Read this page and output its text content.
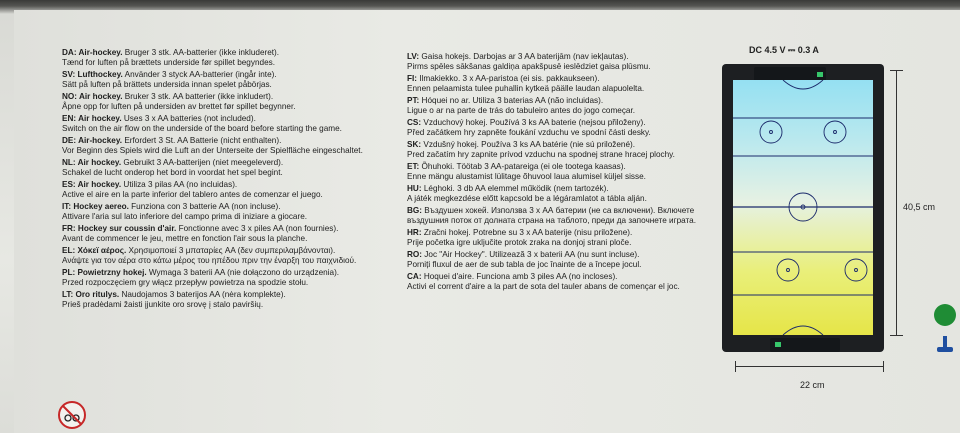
DA: Air-hockey. Bruger 3 stk. AA-batterier (ikke inkluderet).
Tænd for luften på brættets underside før spillet begyndes.
SV: Lufthockey. Använder 3 styck AA-batterier (ingår inte).
Sätt på luften på brättets undersida innan spelet påbörjas.
NO: Air hockey. Bruker 3 stk. AA batterier (ikke inkludert).
Åpne opp for luften på undersiden av brettet før spillet begynner.
EN: Air hockey. Uses 3 x AA batteries (not included).
Switch on the air flow on the underside of the board before starting the game.
DE: Air-hockey. Erfordert 3 St. AA Batterie (nicht enthalten).
Vor Beginn des Spiels wird die Luft an der Unterseite der Spielfläche eingeschaltet.
NL: Air hockey. Gebruikt 3 AA-batterijen (niet meegeleverd).
Schakel de lucht onderop het bord in voordat het spel begint.
ES: Air hockey. Utiliza 3 pilas AA (no incluidas).
Active el aire en la parte inferior del tablero antes de comenzar el juego.
IT: Hockey aereo. Funziona con 3 batterie AA (non incluse).
Attivare l'aria sul lato inferiore del campo prima di iniziare a giocare.
FR: Hockey sur coussin d'air. Fonctionne avec 3 x piles AA (non fournies).
Avant de commencer le jeu, mettre en fonction l'air sous la planche.
EL: Χόκεϊ αέρος. Χρησιμοποιεί 3 μπαταρίες AA (δεν συμπεριλαμβάνονται).
Ανάψτε για τον αέρα στο κάτω μέρος του ηπέδου πριν την έναρξη του παιχνιδιού.
PL: Powietrzny hokej. Wymaga 3 baterii AA (nie dołączono do urządzenia).
Przed rozpoczęciem gry włącz przepływ powietrza na spodzie stołu.
LT: Oro ritulys. Naudojamos 3 baterijos AA (nėra komplekte).
Prieš pradėdami žaisti įjunkite oro srovę į stalo paviršių.
LV: Gaisa hokejs. Darbojas ar 3 AA baterijām (nav iekļautas).
Pirms spēles sākšanas galdiņa apakšpusē ieslēdziet gaisa plūsmu.
FI: Ilmakiekko. 3 x AA-paristoa (ei sis. pakkaukseen).
Ennen pelaamista tulee puhallin kytkeä päälle laudan alapuolelta.
PT: Hóquei no ar. Utiliza 3 baterias AA (não incluidas).
Ligue o ar na parte de trás do tabuleiro antes do jogo começar.
CS: Vzduchový hokej. Používá 3 ks AA baterie (nejsou přiloženy).
Před začátkem hry zapněte foukání vzduchu ve spodní části desky.
SK: Vzdušný hokej. Používa 3 ks AA batérie (nie sú priložené).
Pred začatím hry zapnite prívod vzduchu na spodnej strane hracej plochy.
ET: Õhuhoki. Töötab 3 AA-patareiga (ei ole tootega kaasas).
Enne mängu alustamist lülitage õhuvool laua alumisel küljel sisse.
HU: Léghoki. 3 db AA elemmel működik (nem tartozék).
A játék megkezdése előtt kapcsold be a légáramlatot a tábla alján.
BG: Въздушен хокей. Използва 3 х АА батерии (не са включени). Включете
въздушния поток от долната страна на таблото, преди да започнете играта.
HR: Zračni hokej. Potrebne su 3 x AA baterije (nisu priložene).
Prije početka igre uključite protok zraka na donjoj strani ploče.
RO: Joc "Air Hockey". Utilizează 3 x baterii AA (nu sunt incluse).
Porniți fluxul de aer de sub tabla de joc înainte de a începe jocul.
CA: Hoquei d'aire. Funciona amb 3 piles AA (no incloses).
Activi el corrent d'aire a la part de sota del tauler abans de començar el joc.
DC 4.5 V ⎓ 0.3 A
40,5 cm
22 cm
